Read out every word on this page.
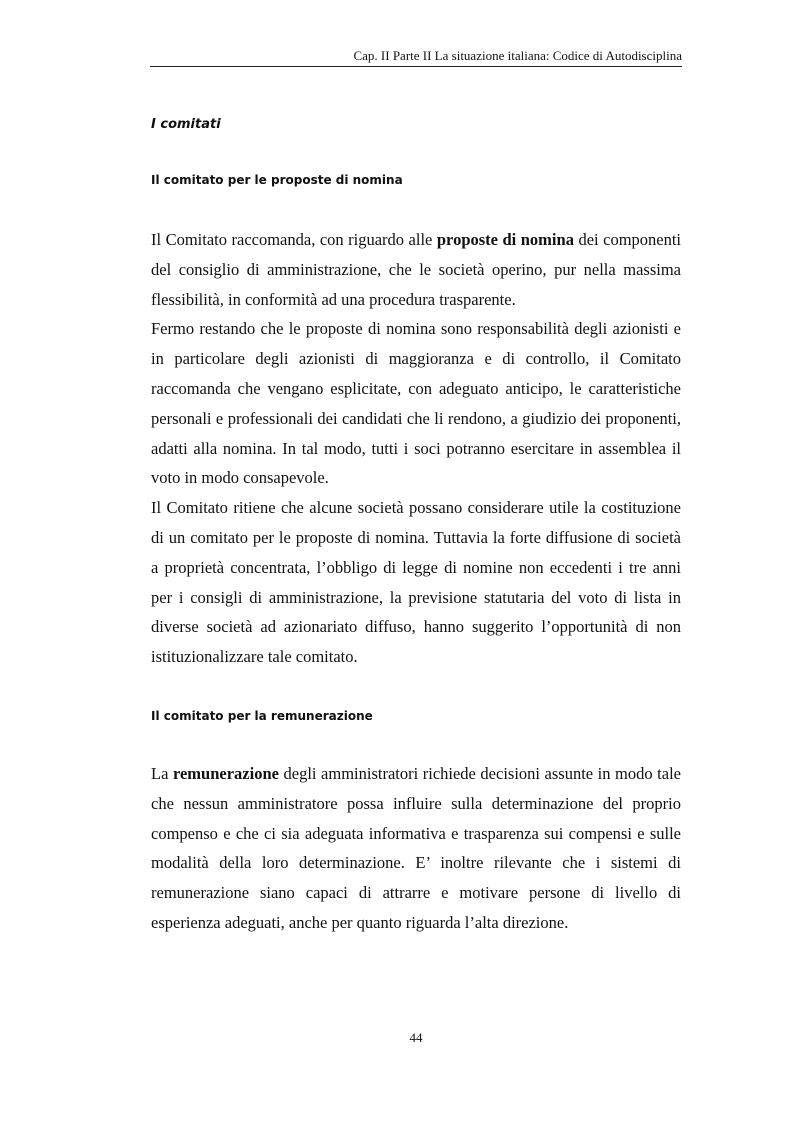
Cap. II Parte II La situazione italiana: Codice di Autodisciplina
I comitati
Il comitato per le proposte di nomina

Il Comitato raccomanda, con riguardo alle proposte di nomina dei componenti del consiglio di amministrazione, che le società operino, pur nella massima flessibilità, in conformità ad una procedura trasparente.

Fermo restando che le proposte di nomina sono responsabilità degli azionisti e in particolare degli azionisti di maggioranza e di controllo, il Comitato raccomanda che vengano esplicitate, con adeguato anticipo, le caratteristiche personali e professionali dei candidati che li rendono, a giudizio dei proponenti, adatti alla nomina. In tal modo, tutti i soci potranno esercitare in assemblea il voto in modo consapevole.

Il Comitato ritiene che alcune società possano considerare utile la costituzione di un comitato per le proposte di nomina. Tuttavia la forte diffusione di società a proprietà concentrata, l’obbligo di legge di nomine non eccedenti i tre anni per i consigli di amministrazione, la previsione statutaria del voto di lista in diverse società ad azionariato diffuso, hanno suggerito l’opportunità di non istituzionalizzare tale comitato.

Il comitato per la remunerazione

La remunerazione degli amministratori richiede decisioni assunte in modo tale che nessun amministratore possa influire sulla determinazione del proprio compenso e che ci sia adeguata informativa e trasparenza sui compensi e sulle modalità della loro determinazione. E’ inoltre rilevante che i sistemi di remunerazione siano capaci di attrarre e motivare persone di livello di esperienza adeguati, anche per quanto riguarda l’alta direzione.

44
